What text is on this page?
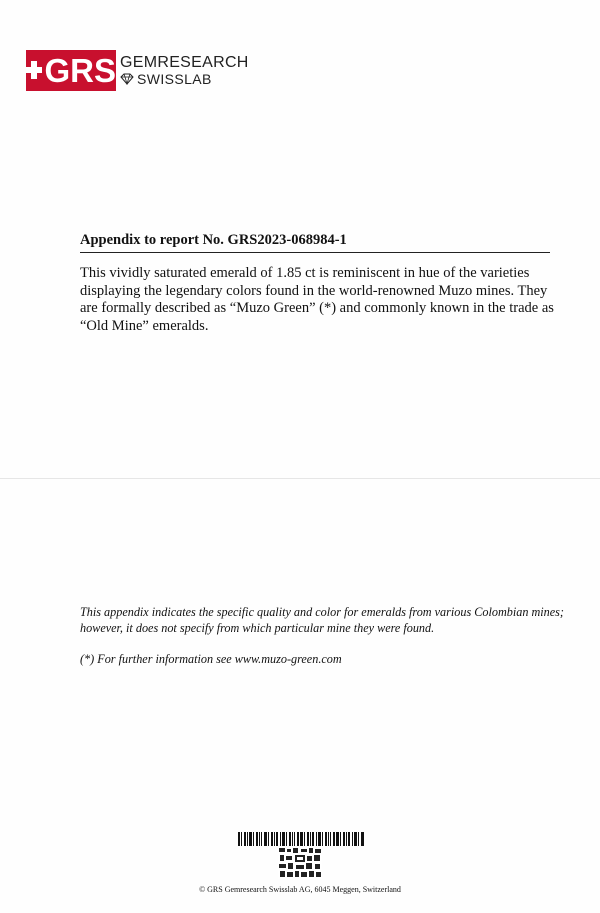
GRS GEMRESEARCH
SWISSLAB
Appendix to report No. GRS2023-068984-1
This vividly saturated emerald of 1.85 ct is reminiscent in hue of the varieties displaying the legendary colors found in the world-renowned Muzo mines. They are formally described as “Muzo Green” (*) and commonly known in the trade as “Old Mine” emeralds.
This appendix indicates the specific quality and color for emeralds from various Colombian mines; however, it does not specify from which particular mine they were found.
(*) For further information see www.muzo-green.com
© GRS Gemresearch Swisslab AG, 6045 Meggen, Switzerland
